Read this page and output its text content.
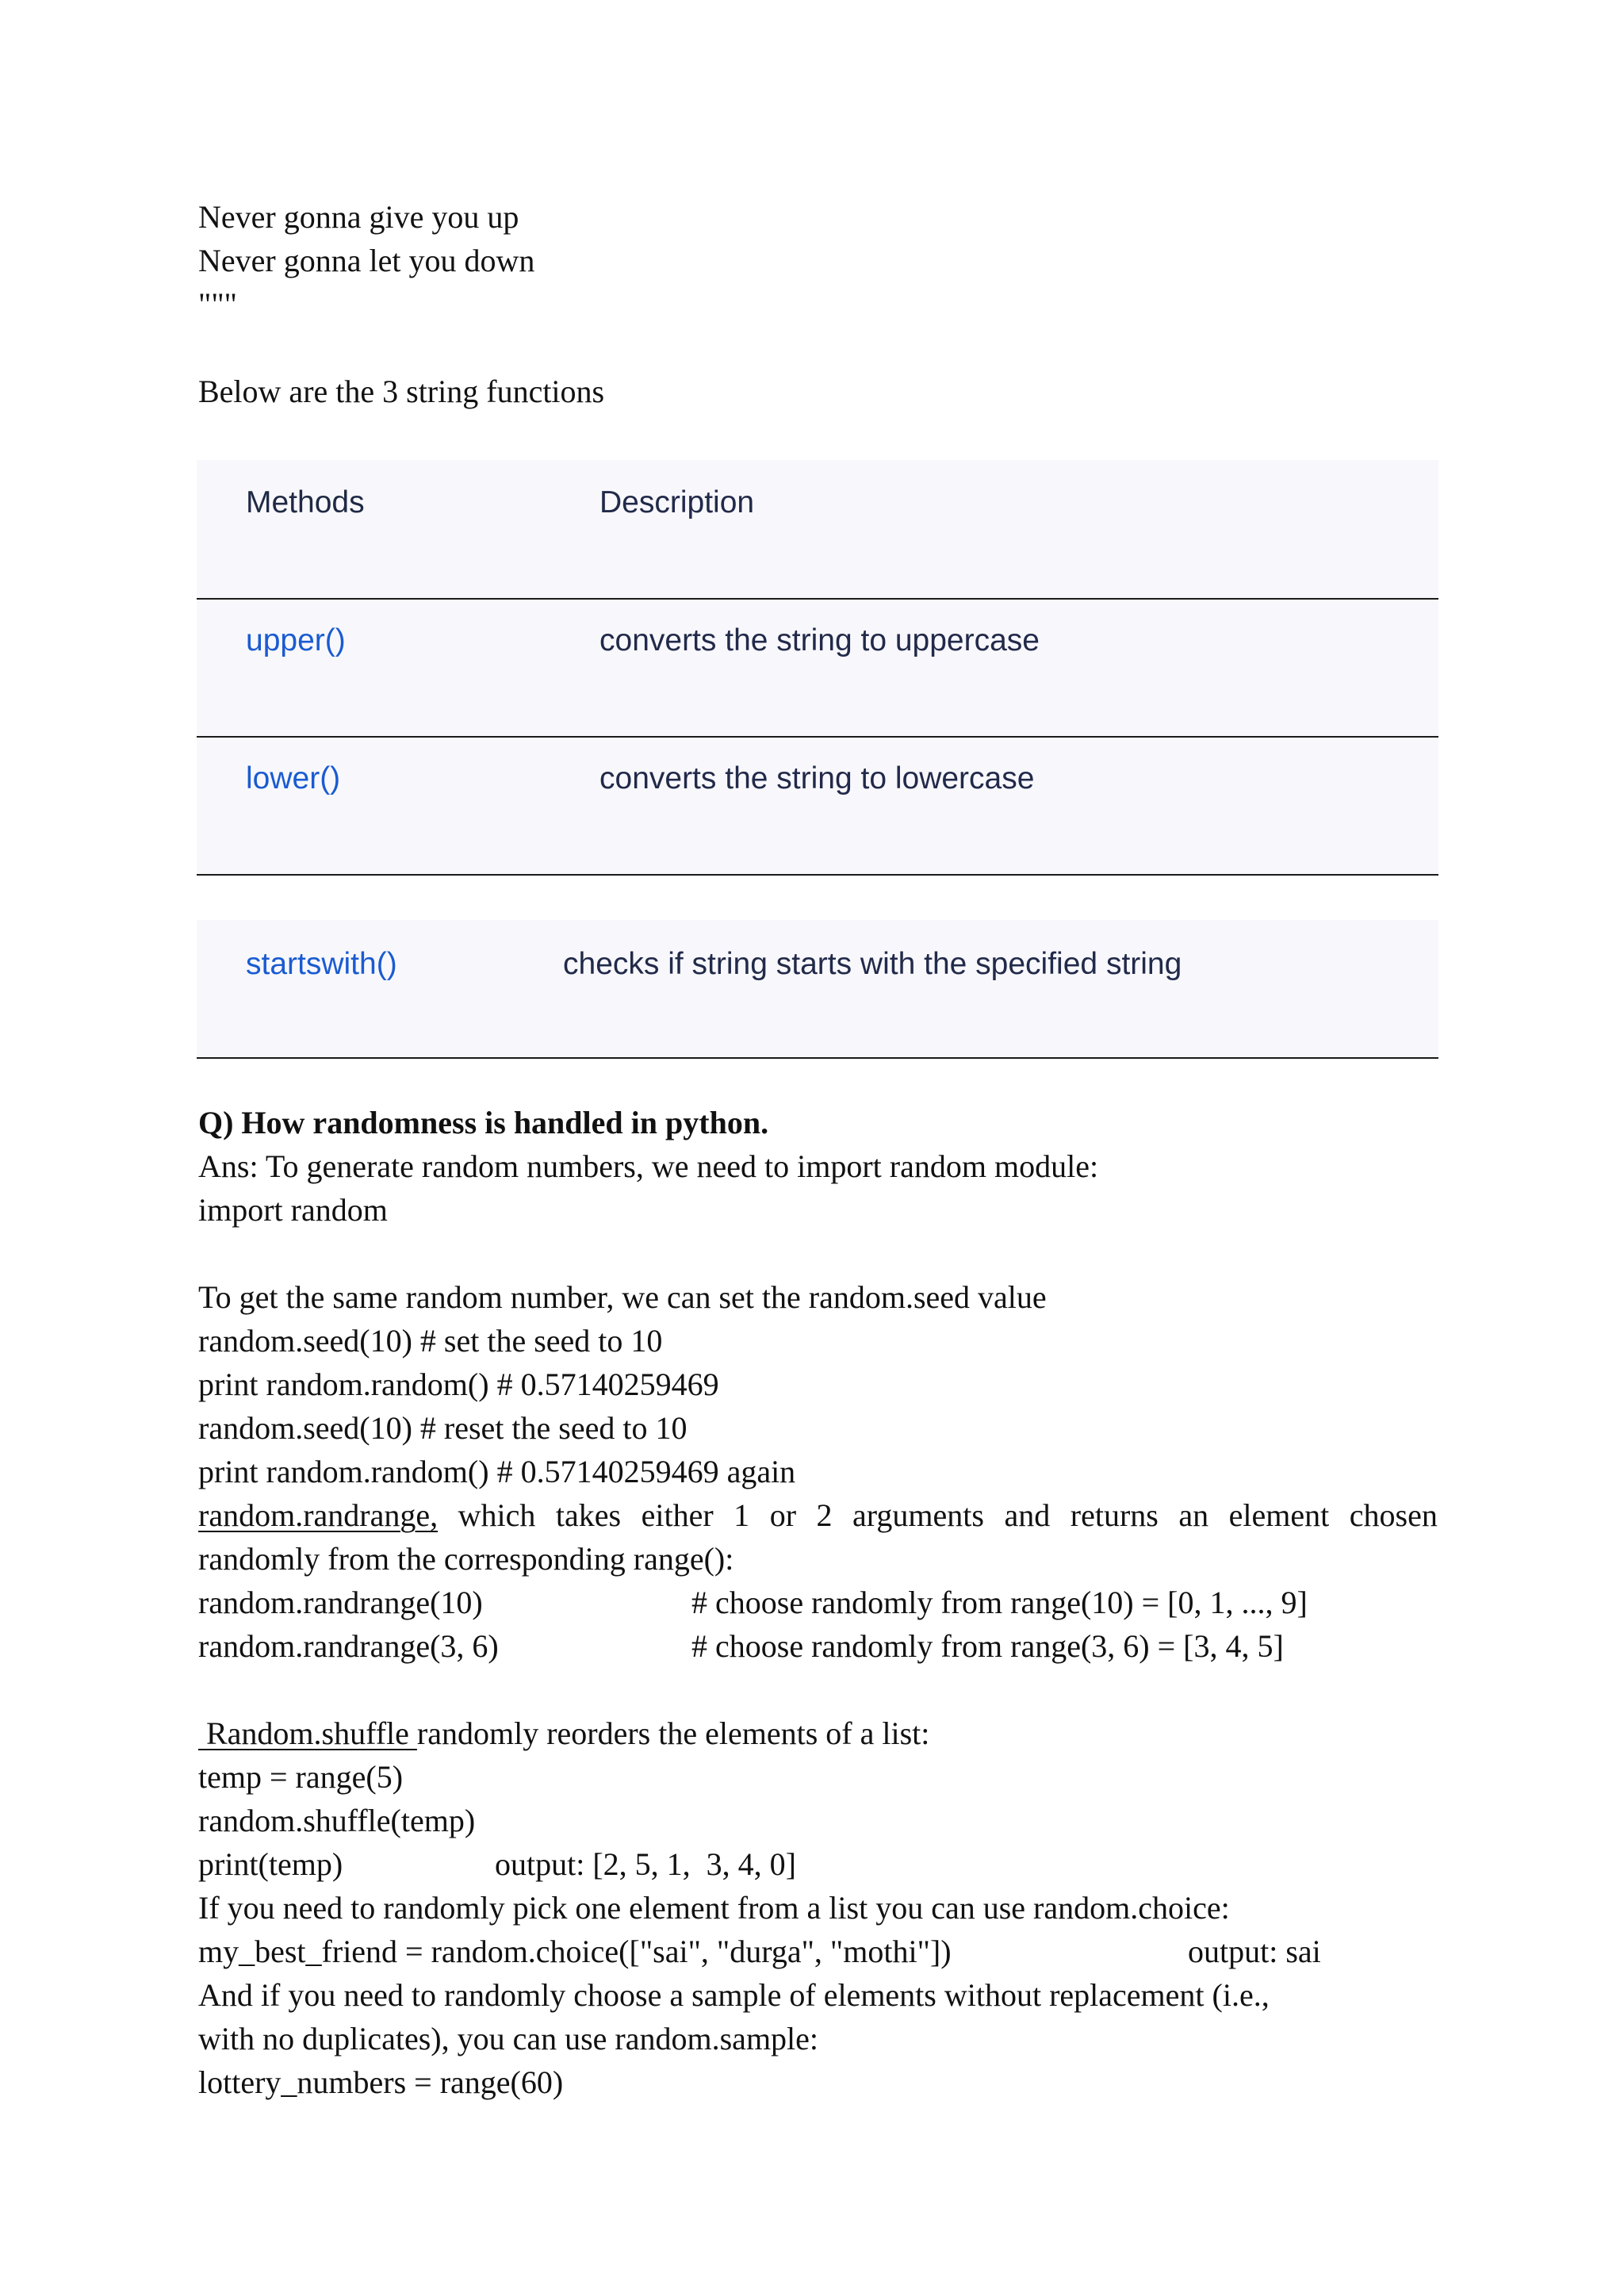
Never gonna give you up
Never gonna let you down
"""
Below are the 3 string functions
Methods	Description
upper()	converts the string to uppercase
lower()	converts the string to lowercase
startswith()	checks if string starts with the specified string
Q) How randomness is handled in python.
Ans: To generate random numbers, we need to import random module:
import random
To get the same random number, we can set the random.seed value
random.seed(10) # set the seed to 10
print random.random() # 0.57140259469
random.seed(10) # reset the seed to 10
print random.random() # 0.57140259469 again
random.randrange, which takes either 1 or 2 arguments and returns an element chosen
randomly from the corresponding range():
random.randrange(10)	# choose randomly from range(10) = [0, 1, ..., 9]
random.randrange(3, 6)	# choose randomly from range(3, 6) = [3, 4, 5]
Random.shuffle randomly reorders the elements of a list:
temp = range(5)
random.shuffle(temp)
print(temp)	output: [2, 5, 1,  3, 4, 0]
If you need to randomly pick one element from a list you can use random.choice:
my_best_friend = random.choice(["sai", "durga", "mothi"])	output: sai
And if you need to randomly choose a sample of elements without replacement (i.e.,
with no duplicates), you can use random.sample:
lottery_numbers = range(60)
